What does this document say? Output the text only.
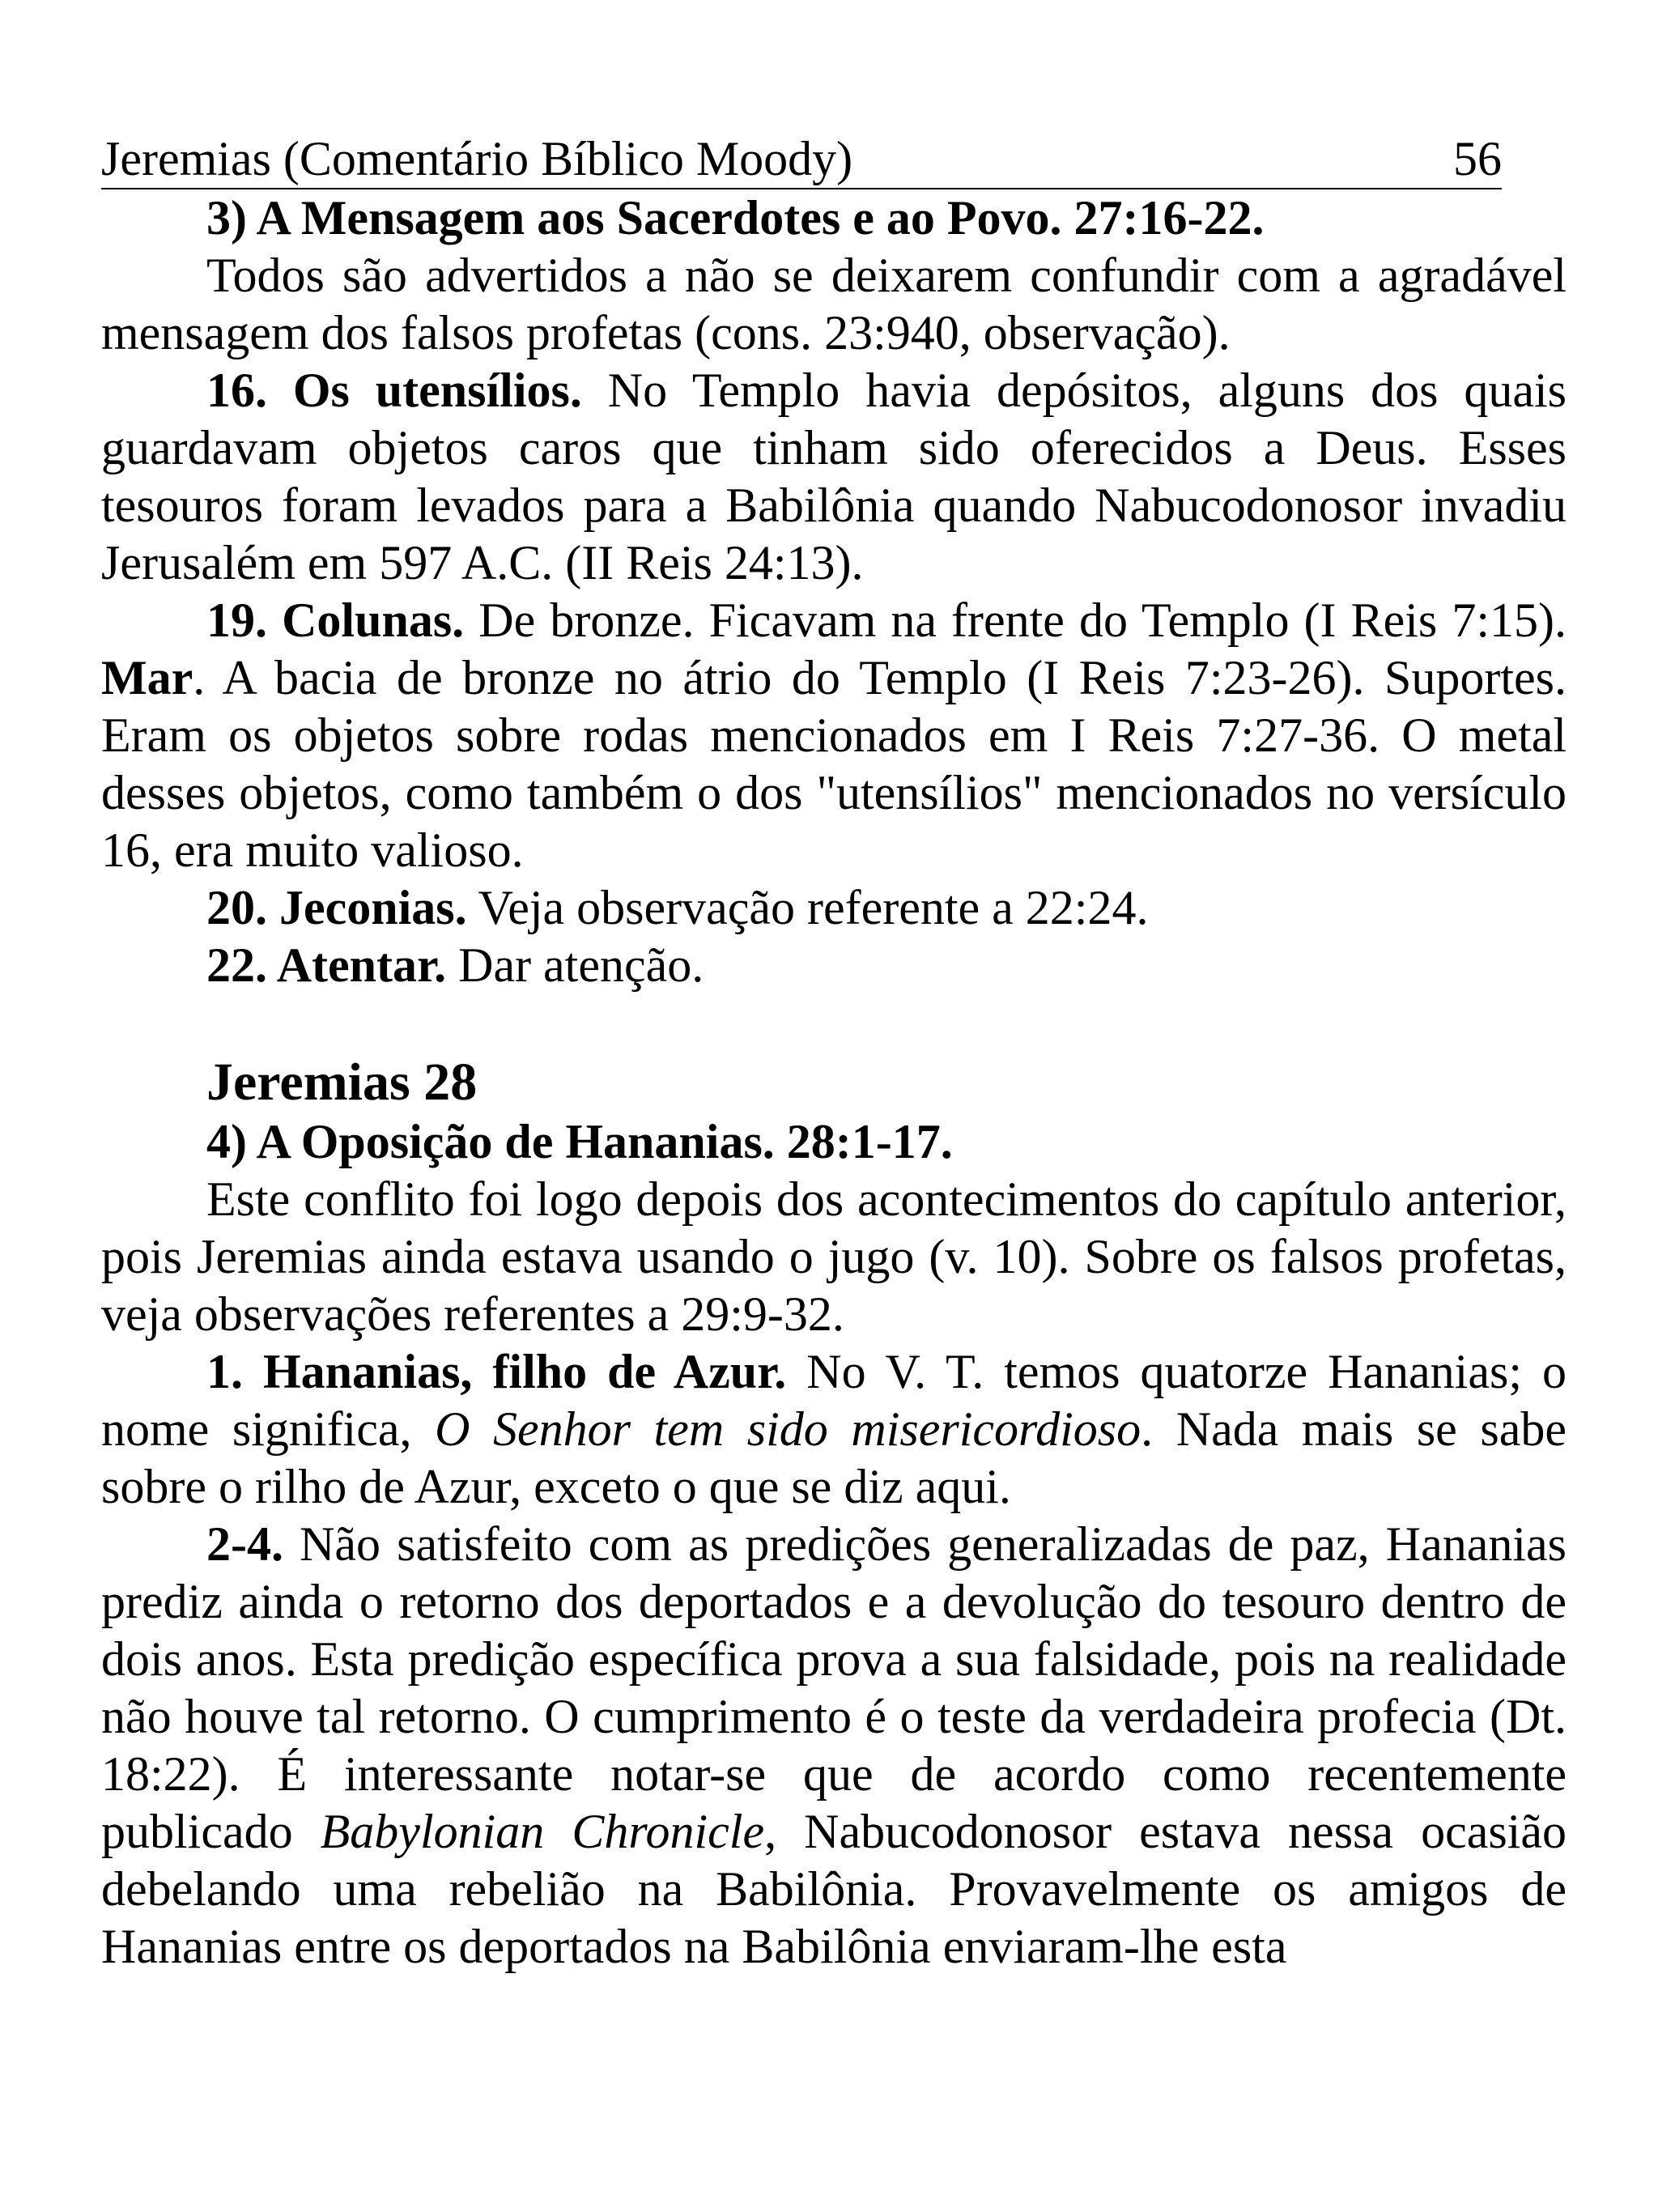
Jeremias (Comentário Bíblico Moody)	56

3) A Mensagem aos Sacerdotes e ao Povo. 27:16-22.

Todos são advertidos a não se deixarem confundir com a agradável mensagem dos falsos profetas (cons. 23:940, observação).

16. Os utensílios. No Templo havia depósitos, alguns dos quais guardavam objetos caros que tinham sido oferecidos a Deus. Esses tesouros foram levados para a Babilônia quando Nabucodonosor invadiu Jerusalém em 597 A.C. (II Reis 24:13).

19. Colunas. De bronze. Ficavam na frente do Templo (I Reis 7:15). Mar. A bacia de bronze no átrio do Templo (I Reis 7:23-26). Suportes. Eram os objetos sobre rodas mencionados em I Reis 7:27-36. O metal desses objetos, como também o dos "utensílios" mencionados no versículo 16, era muito valioso.

20. Jeconias. Veja observação referente a 22:24.

22. Atentar. Dar atenção.

Jeremias 28

4) A Oposição de Hananias. 28:1-17.

Este conflito foi logo depois dos acontecimentos do capítulo anterior, pois Jeremias ainda estava usando o jugo (v. 10). Sobre os falsos profetas, veja observações referentes a 29:9-32.

1. Hananias, filho de Azur. No V. T. temos quatorze Hananias; o nome significa, O Senhor tem sido misericordioso. Nada mais se sabe sobre o rilho de Azur, exceto o que se diz aqui.

2-4. Não satisfeito com as predições generalizadas de paz, Hananias prediz ainda o retorno dos deportados e a devolução do tesouro dentro de dois anos. Esta predição específica prova a sua falsidade, pois na realidade não houve tal retorno. O cumprimento é o teste da verdadeira profecia (Dt. 18:22). É interessante notar-se que de acordo como recentemente publicado Babylonian Chronicle, Nabucodonosor estava nessa ocasião debelando uma rebelião na Babilônia. Provavelmente os amigos de Hananias entre os deportados na Babilônia enviaram-lhe esta
